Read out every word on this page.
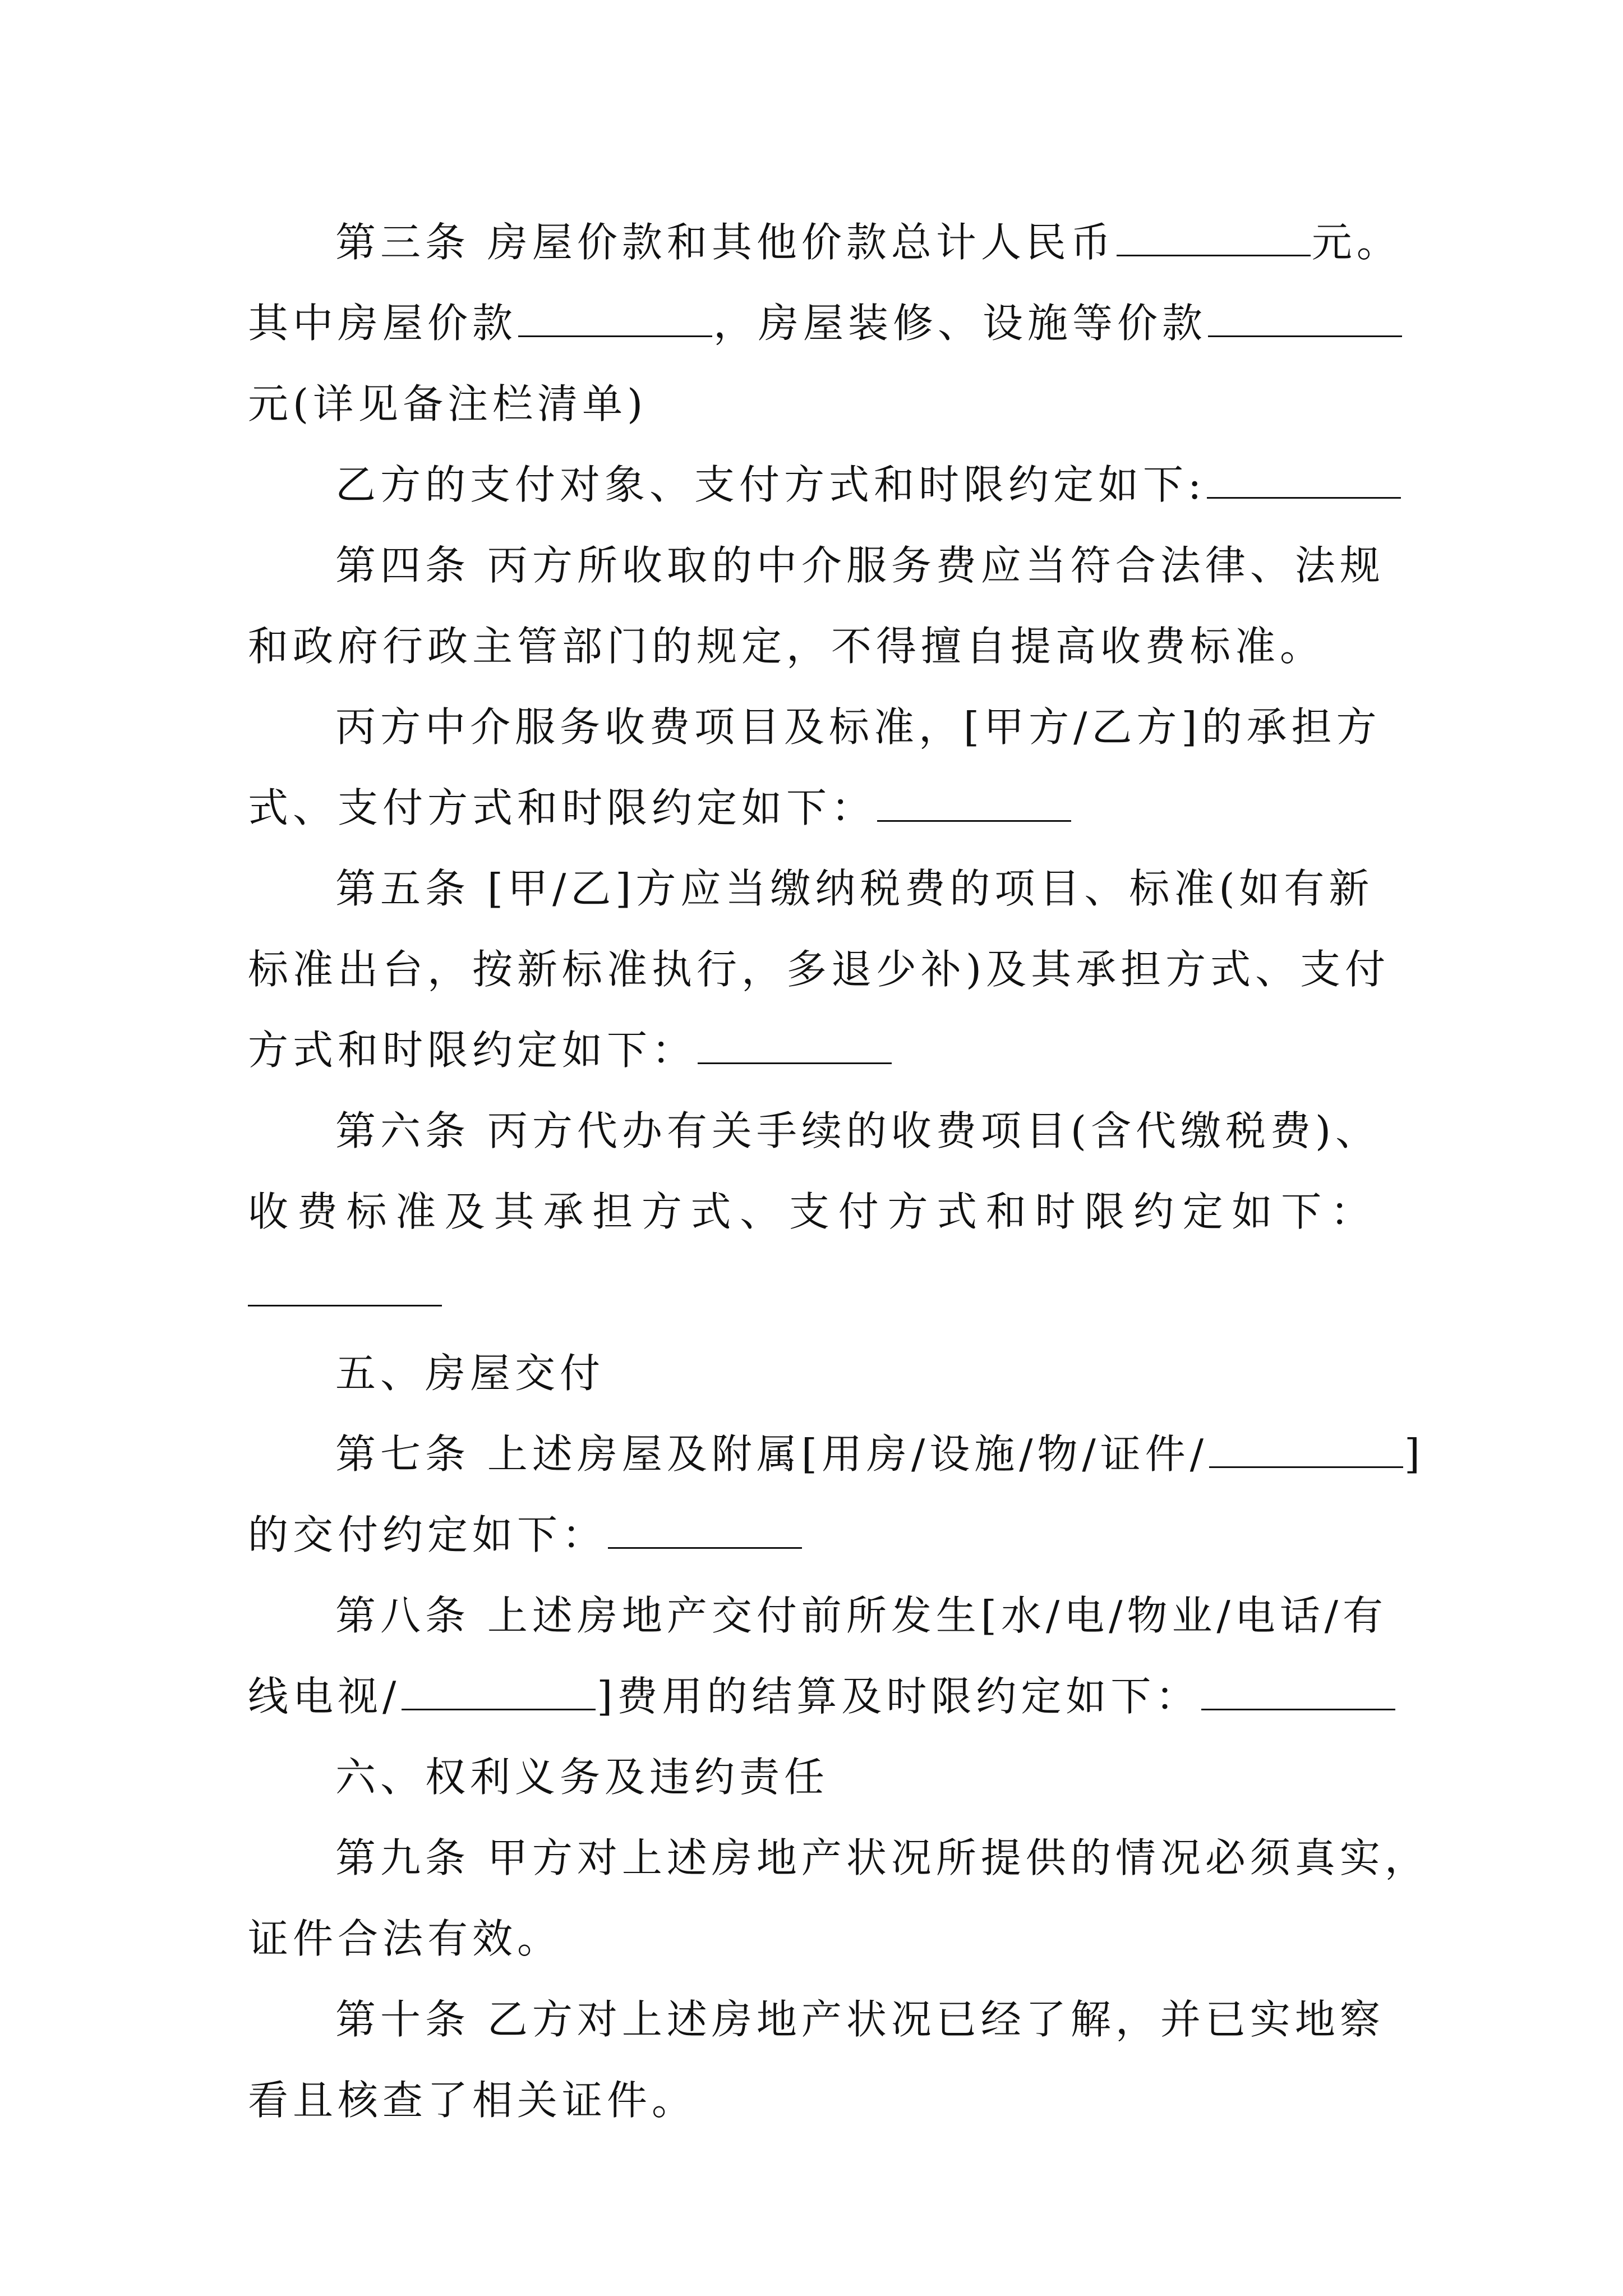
第三条 房屋价款和其他价款总计人民币	元。
其中房屋价款	，房屋装修、设施等价款
元(详见备注栏清单)
乙方的支付对象、支付方式和时限约定如下:
第四条 丙方所收取的中介服务费应当符合法律、法规
和政府行政主管部门的规定，不得擅自提高收费标准。
丙方中介服务收费项目及标准，[甲方/乙方]的承担方
式、支付方式和时限约定如下：
第五条 [甲/乙]方应当缴纳税费的项目、标准(如有新
标准出台，按新标准执行，多退少补)及其承担方式、支付
方式和时限约定如下：
第六条 丙方代办有关手续的收费项目(含代缴税费)、
收费标准及其承担方式、支付方式和时限约定如下：
五、房屋交付
第七条 上述房屋及附属[用房/设施/物/证件/	]
的交付约定如下：
第八条 上述房地产交付前所发生[水/电/物业/电话/有
线电视/	]费用的结算及时限约定如下：
六、权利义务及违约责任
第九条 甲方对上述房地产状况所提供的情况必须真实，
证件合法有效。
第十条 乙方对上述房地产状况已经了解，并已实地察
看且核查了相关证件。
